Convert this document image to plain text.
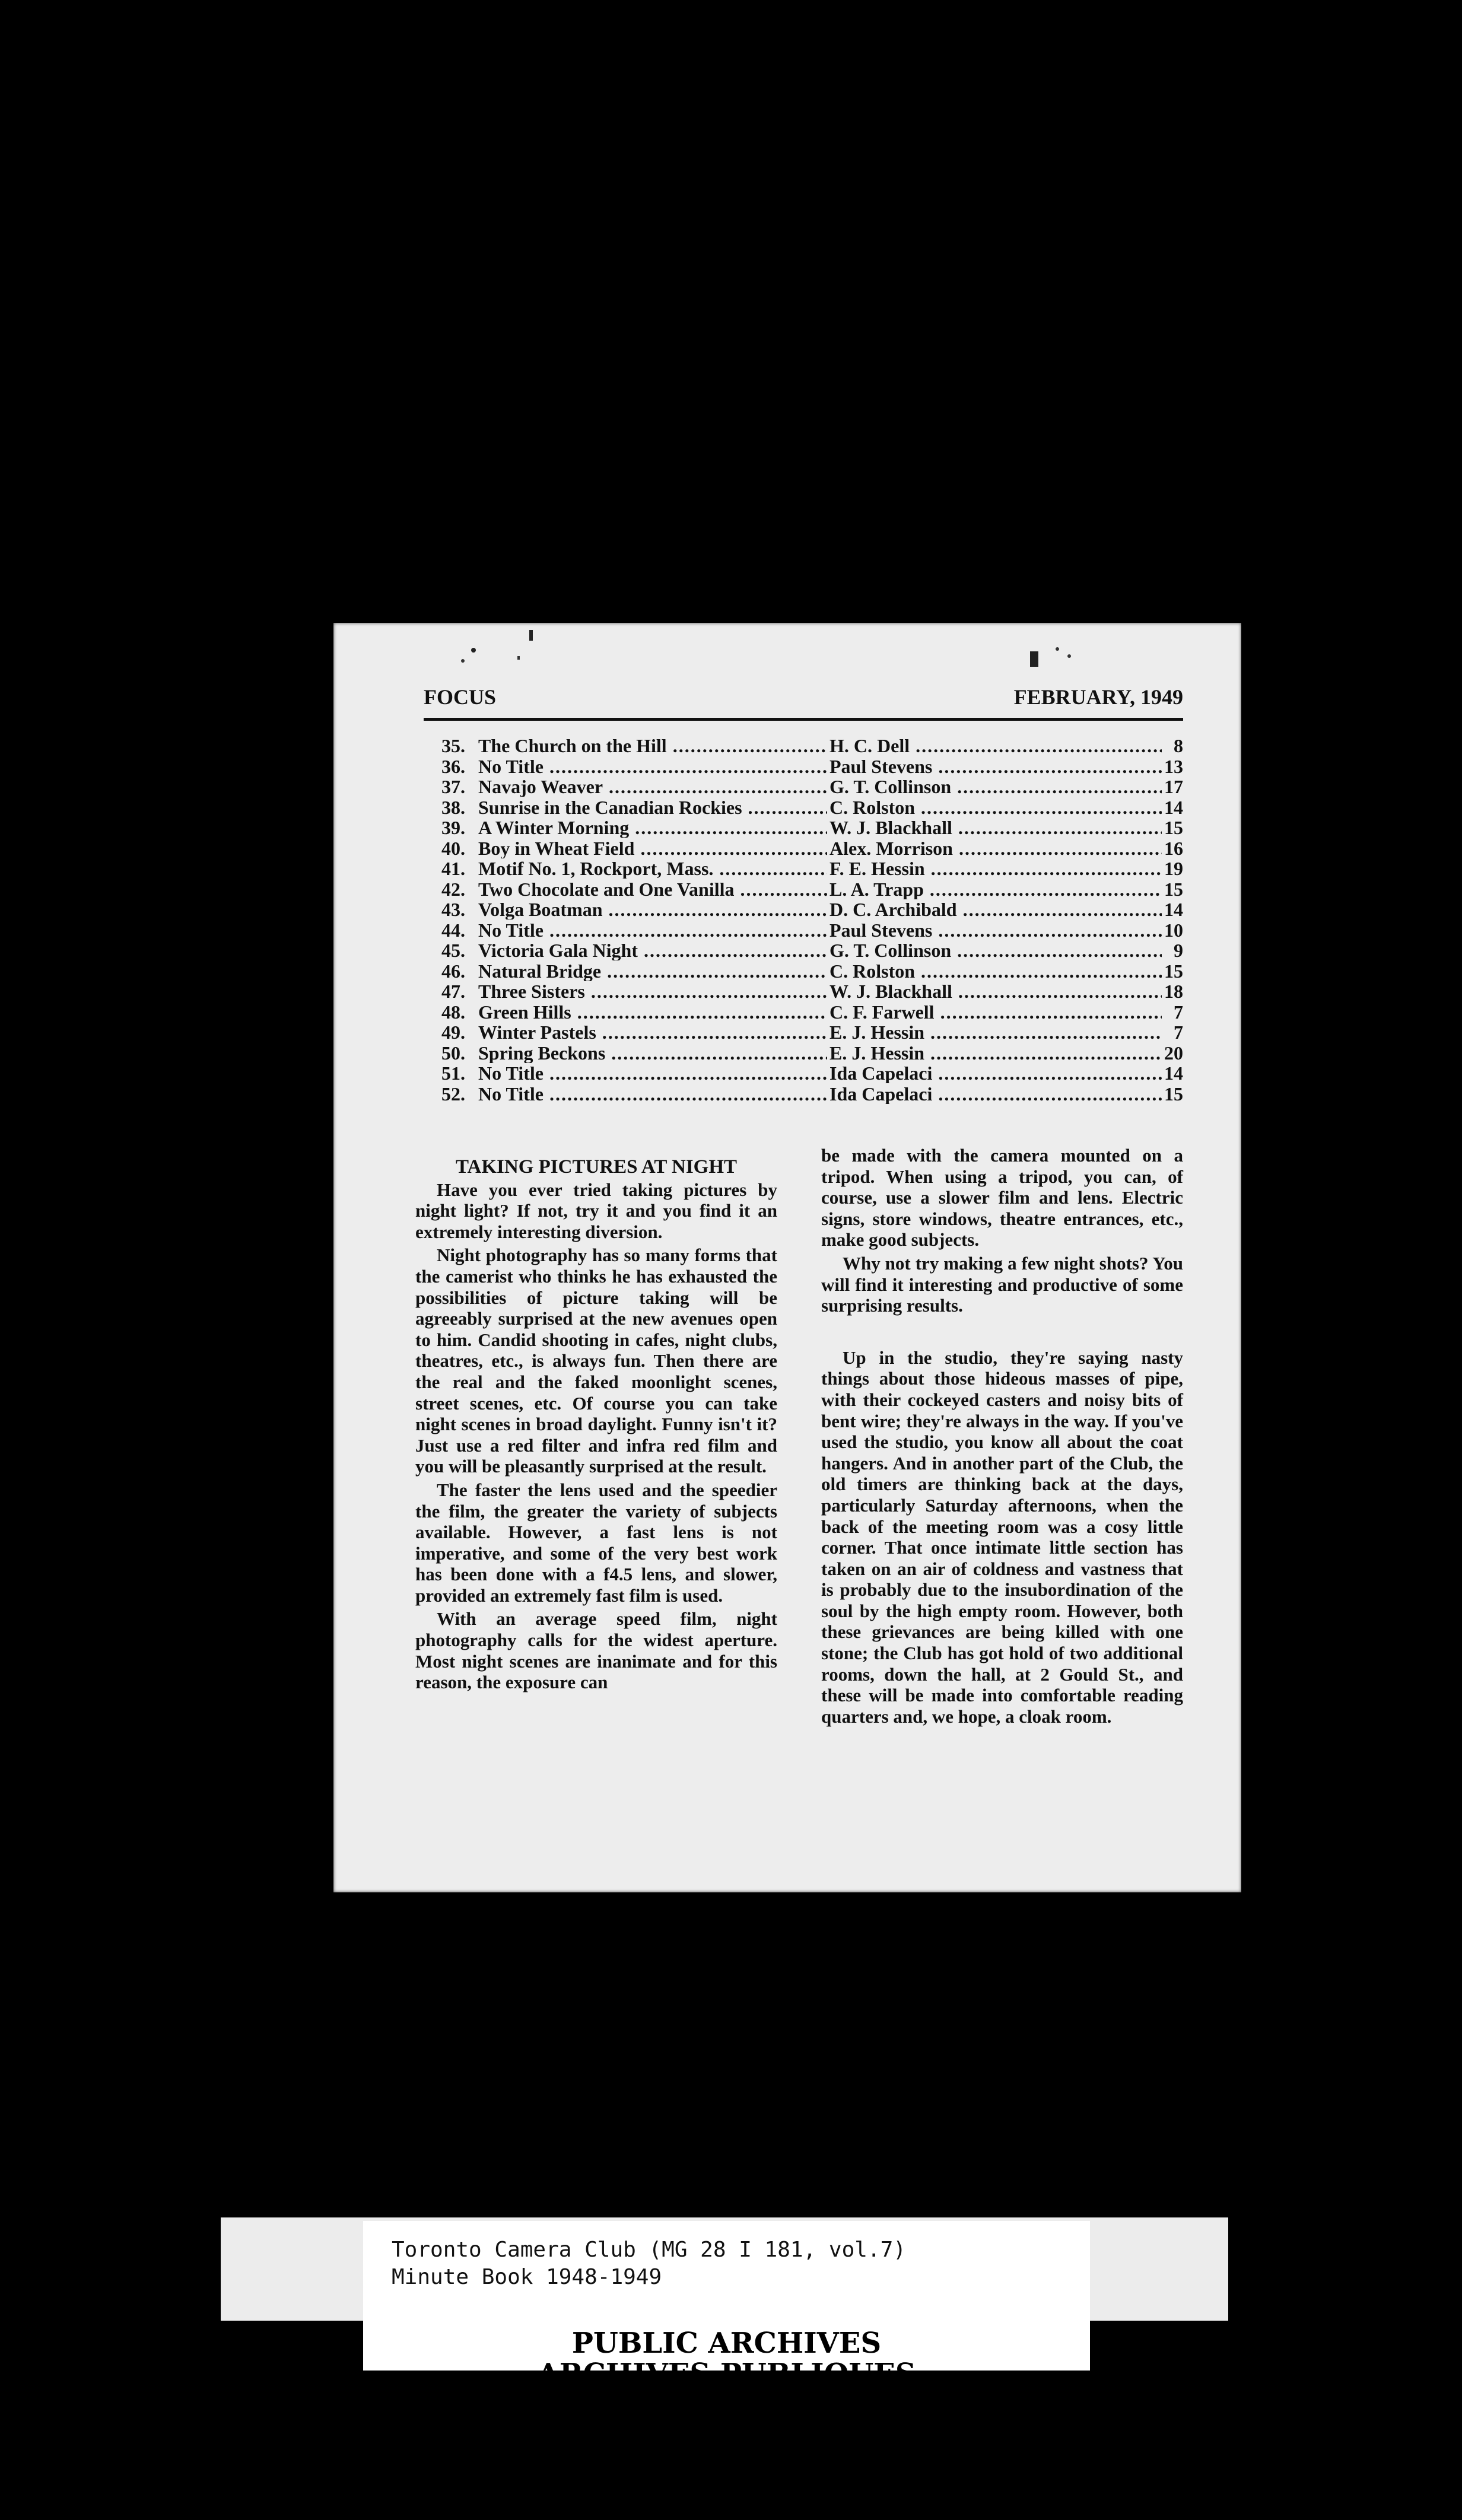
FOCUS	FEBRUARY, 1949
35. The Church on the Hill .....	H. C. Dell .....	8
36. No Title .....	Paul Stevens .....	13
37. Navajo Weaver .....	G. T. Collinson .....	17
38. Sunrise in the Canadian Rockies .....	C. Rolston .....	14
39. A Winter Morning .....	W. J. Blackhall .....	15
40. Boy in Wheat Field .....	Alex. Morrison .....	16
41. Motif No. 1, Rockport, Mass. .....	F. E. Hessin .....	19
42. Two Chocolate and One Vanilla .....	L. A. Trapp .....	15
43. Volga Boatman .....	D. C. Archibald .....	14
44. No Title .....	Paul Stevens .....	10
45. Victoria Gala Night .....	G. T. Collinson .....	9
46. Natural Bridge .....	C. Rolston .....	15
47. Three Sisters .....	W. J. Blackhall .....	18
48. Green Hills .....	C. F. Farwell .....	7
49. Winter Pastels .....	E. J. Hessin .....	7
50. Spring Beckons .....	E. J. Hessin .....	20
51. No Title .....	Ida Capelaci .....	14
52. No Title .....	Ida Capelaci .....	15
TAKING PICTURES AT NIGHT

Have you ever tried taking pictures by night light? If not, try it and you find it an extremely interesting diversion.

Night photography has so many forms that the camerist who thinks he has exhausted the possibilities of picture taking will be agreeably surprised at the new avenues open to him. Candid shooting in cafes, night clubs, theatres, etc., is always fun. Then there are the real and the faked moonlight scenes, street scenes, etc. Of course you can take night scenes in broad daylight. Funny isn't it? Just use a red filter and infra red film and you will be pleasantly surprised at the result.

The faster the lens used and the speedier the film, the greater the variety of subjects available. However, a fast lens is not imperative, and some of the very best work has been done with a f4.5 lens, and slower, provided an extremely fast film is used.

With an average speed film, night photography calls for the widest aperture. Most night scenes are inanimate and for this reason, the exposure can

be made with the camera mounted on a tripod. When using a tripod, you can, of course, use a slower film and lens. Electric signs, store windows, theatre entrances, etc., make good subjects.

Why not try making a few night shots? You will find it interesting and productive of some surprising results.

Up in the studio, they're saying nasty things about those hideous masses of pipe, with their cockeyed casters and noisy bits of bent wire; they're always in the way. If you've used the studio, you know all about the coat hangers. And in another part of the Club, the old timers are thinking back at the days, particularly Saturday afternoons, when the back of the meeting room was a cosy little corner. That once intimate little section has taken on an air of coldness and vastness that is probably due to the insubordination of the soul by the high empty room. However, both these grievances are being killed with one stone; the Club has got hold of two additional rooms, down the hall, at 2 Gould St., and these will be made into comfortable reading quarters and, we hope, a cloak room.

Toronto Camera Club (MG 28 I 181, vol.7)
Minute Book 1948-1949
PUBLIC ARCHIVES
ARCHIVES PUBLIQUES
CANADA
